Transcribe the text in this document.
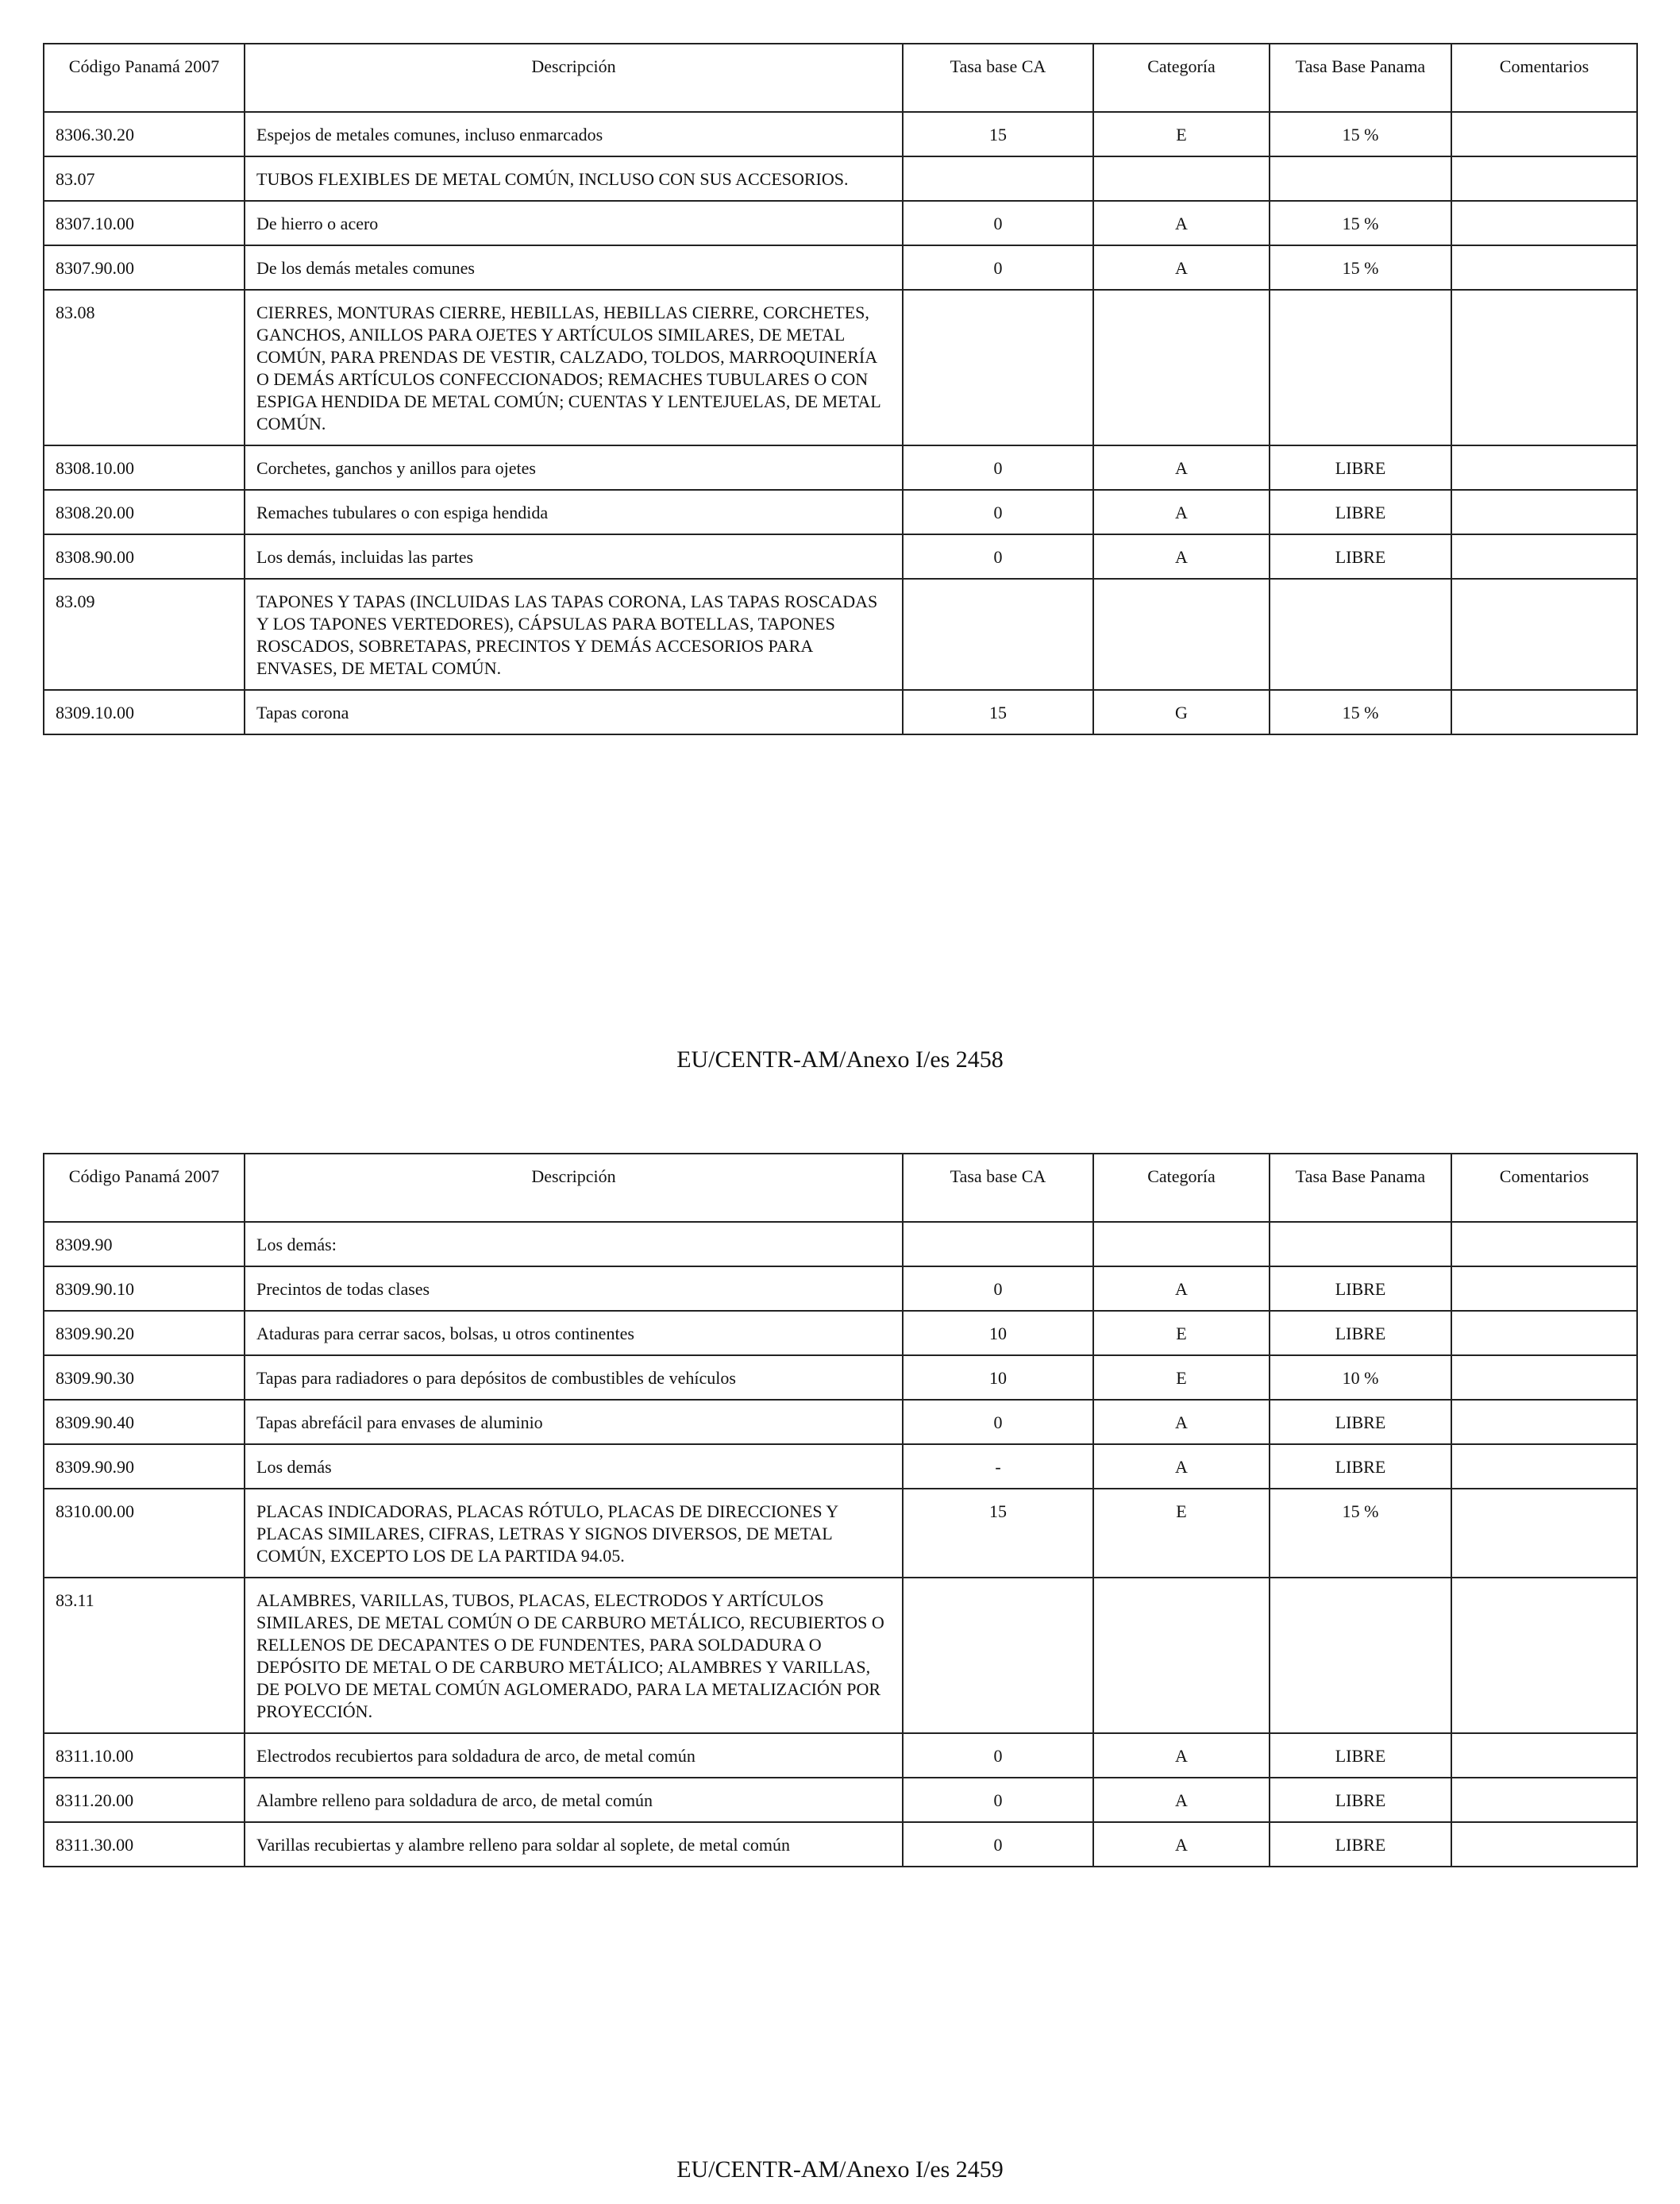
Código Panamá 2007	Descripción	Tasa base CA	Categoría	Tasa Base Panama	Comentarios
8306.30.20	Espejos de metales comunes, incluso enmarcados	15	E	15 %	
83.07	TUBOS FLEXIBLES DE METAL COMÚN, INCLUSO CON SUS ACCESORIOS.				
8307.10.00	De hierro o acero	0	A	15 %	
8307.90.00	De los demás metales comunes	0	A	15 %	
83.08	CIERRES, MONTURAS CIERRE, HEBILLAS, HEBILLAS CIERRE, CORCHETES, GANCHOS, ANILLOS PARA OJETES Y ARTÍCULOS SIMILARES, DE METAL COMÚN, PARA PRENDAS DE VESTIR, CALZADO, TOLDOS, MARROQUINERÍA O DEMÁS ARTÍCULOS CONFECCIONADOS; REMACHES TUBULARES O CON ESPIGA HENDIDA DE METAL COMÚN; CUENTAS Y LENTEJUELAS, DE METAL COMÚN.				
8308.10.00	Corchetes, ganchos y anillos para ojetes	0	A	LIBRE	
8308.20.00	Remaches tubulares o con espiga hendida	0	A	LIBRE	
8308.90.00	Los demás, incluidas las partes	0	A	LIBRE	
83.09	TAPONES Y TAPAS (INCLUIDAS LAS TAPAS CORONA, LAS TAPAS ROSCADAS Y LOS TAPONES VERTEDORES), CÁPSULAS PARA BOTELLAS, TAPONES ROSCADOS, SOBRETAPAS, PRECINTOS Y DEMÁS ACCESORIOS PARA ENVASES, DE METAL COMÚN.				
8309.10.00	Tapas corona	15	G	15 %	
EU/CENTR-AM/Anexo I/es 2458
Código Panamá 2007	Descripción	Tasa base CA	Categoría	Tasa Base Panama	Comentarios
8309.90	Los demás:				
8309.90.10	Precintos de todas clases	0	A	LIBRE	
8309.90.20	Ataduras para cerrar sacos, bolsas, u otros continentes	10	E	LIBRE	
8309.90.30	Tapas para radiadores o para depósitos de combustibles de vehículos	10	E	10 %	
8309.90.40	Tapas abrefácil para envases de aluminio	0	A	LIBRE	
8309.90.90	Los demás	-	A	LIBRE	
8310.00.00	PLACAS INDICADORAS, PLACAS RÓTULO, PLACAS DE DIRECCIONES Y PLACAS SIMILARES, CIFRAS, LETRAS Y SIGNOS DIVERSOS, DE METAL COMÚN, EXCEPTO LOS DE LA PARTIDA 94.05.	15	E	15 %	
83.11	ALAMBRES, VARILLAS, TUBOS, PLACAS, ELECTRODOS Y ARTÍCULOS SIMILARES, DE METAL COMÚN O DE CARBURO METÁLICO, RECUBIERTOS O RELLENOS DE DECAPANTES O DE FUNDENTES, PARA SOLDADURA O DEPÓSITO DE METAL O DE CARBURO METÁLICO; ALAMBRES Y VARILLAS, DE POLVO DE METAL COMÚN AGLOMERADO, PARA LA METALIZACIÓN POR PROYECCIÓN.				
8311.10.00	Electrodos recubiertos para soldadura de arco, de metal común	0	A	LIBRE	
8311.20.00	Alambre relleno para soldadura de arco, de metal común	0	A	LIBRE	
8311.30.00	Varillas recubiertas y alambre relleno para soldar al soplete, de metal común	0	A	LIBRE	
EU/CENTR-AM/Anexo I/es 2459
